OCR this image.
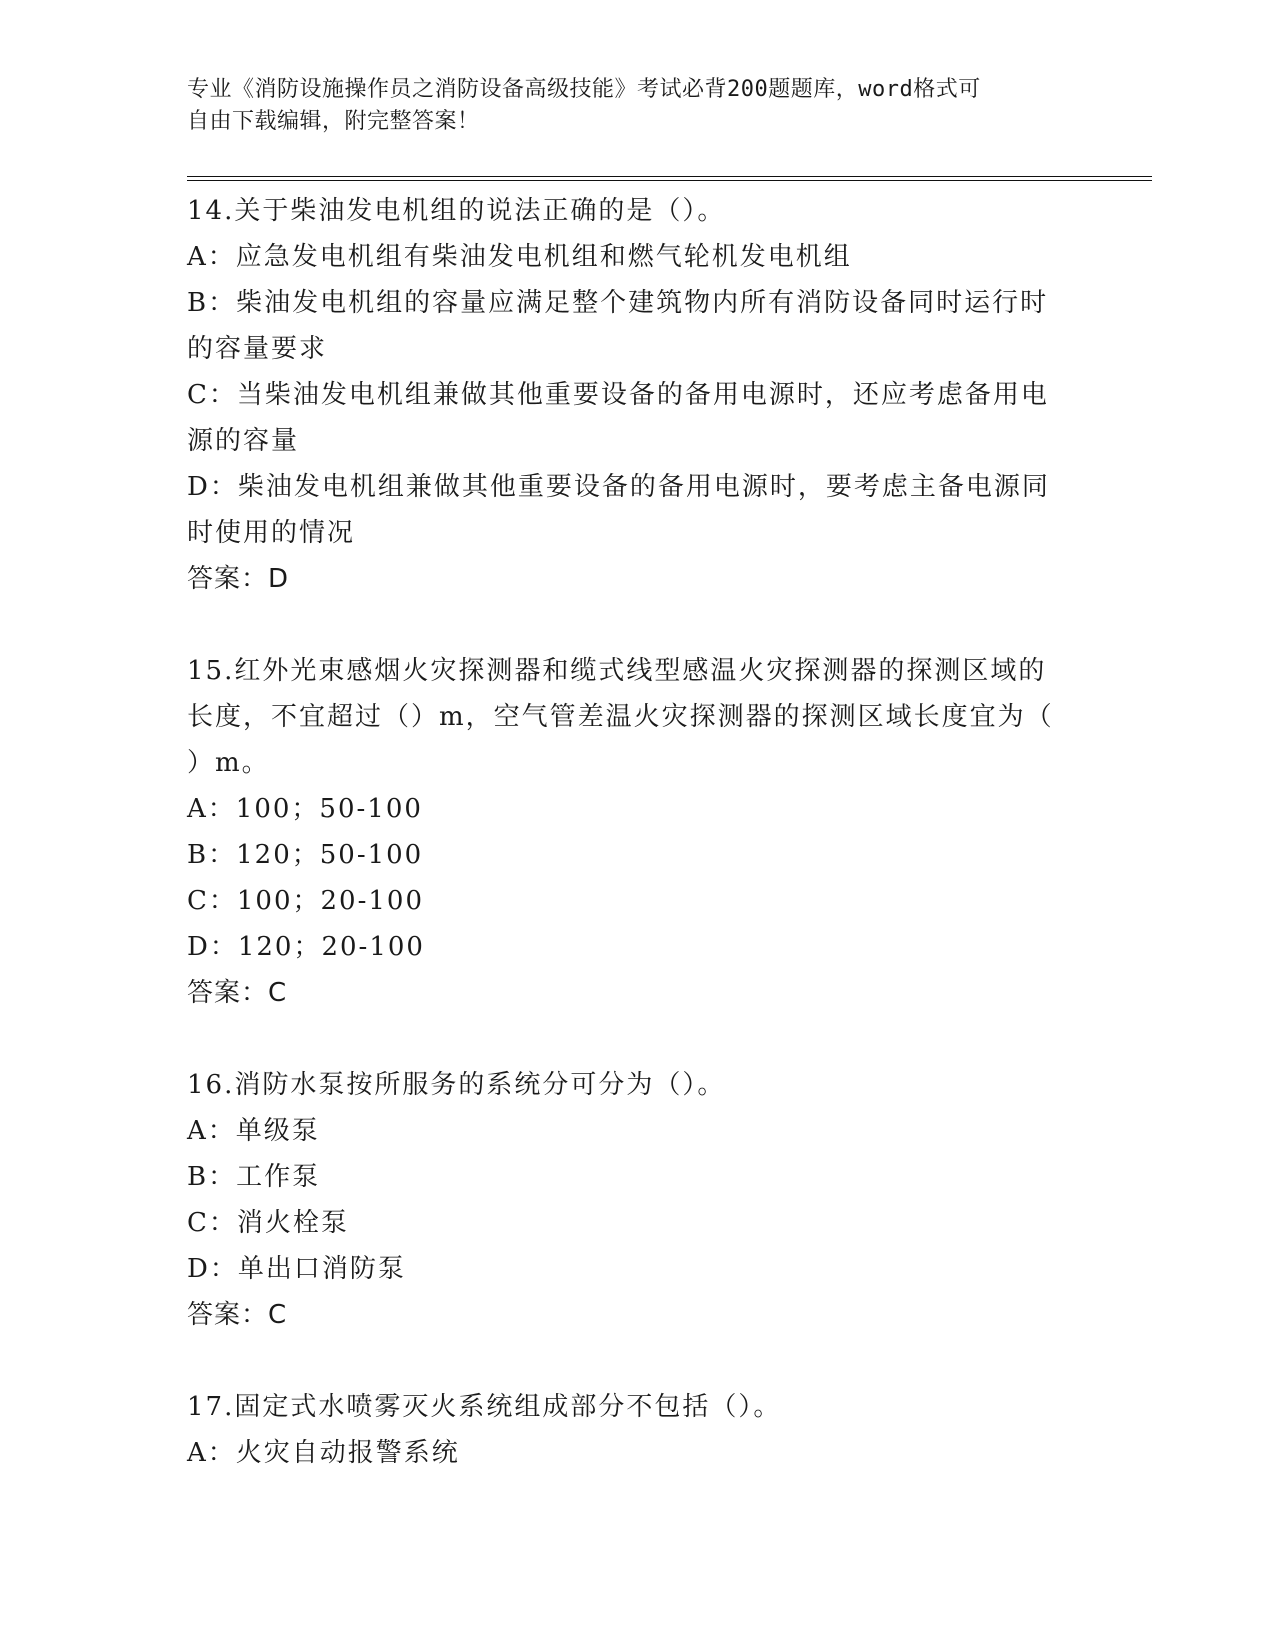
专业《消防设施操作员之消防设备高级技能》考试必背200题题库，word格式可
自由下载编辑，附完整答案！
14.关于柴油发电机组的说法正确的是（）。
A：应急发电机组有柴油发电机组和燃气轮机发电机组
B：柴油发电机组的容量应满足整个建筑物内所有消防设备同时运行时
的容量要求
C：当柴油发电机组兼做其他重要设备的备用电源时，还应考虑备用电
源的容量
D：柴油发电机组兼做其他重要设备的备用电源时，要考虑主备电源同
时使用的情况
答案：D
15.红外光束感烟火灾探测器和缆式线型感温火灾探测器的探测区域的
长度，不宜超过（）m，空气管差温火灾探测器的探测区域长度宜为（
）m。
A：100；50-100
B：120；50-100
C：100；20-100
D：120；20-100
答案：C
16.消防水泵按所服务的系统分可分为（）。
A：单级泵
B：工作泵
C：消火栓泵
D：单出口消防泵
答案：C
17.固定式水喷雾灭火系统组成部分不包括（）。
A：火灾自动报警系统
